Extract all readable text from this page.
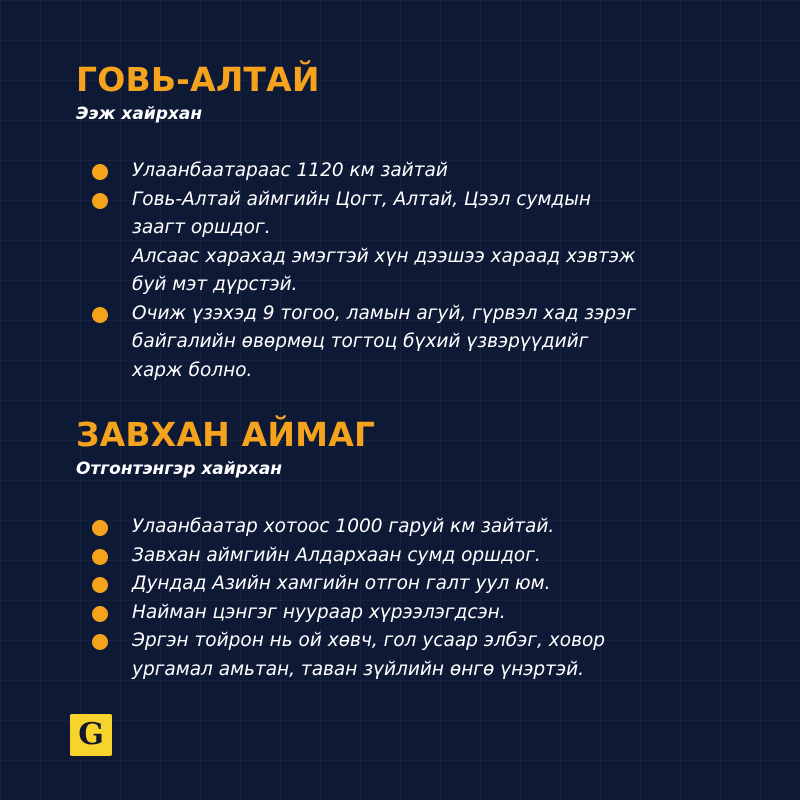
ГОВЬ-АЛТАЙ

Ээж хайрхан

Улаанбаатараас 1120 км зайтай
Говь-Алтай аймгийн Цогт, Алтай, Цээл сумдын
заагт оршдог.
Алсаас харахад эмэгтэй хүн дээшээ хараад хэвтэж
буй мэт дүрстэй.
Очиж үзэхэд 9 тогоо, ламын агуй, гүрвэл хад зэрэг
байгалийн өвөрмөц тогтоц бүхий үзвэрүүдийг
харж болно.
ЗАВХАН АЙМАГ

Отгонтэнгэр хайрхан

Улаанбаатар хотоос 1000 гаруй км зайтай.
Завхан аймгийн Алдархаан сумд оршдог.
Дундад Азийн хамгийн отгон галт уул юм.
Найман цэнгэг нуураар хүрээлэгдсэн.
Эргэн тойрон нь ой хөвч, гол усаар элбэг, ховор
ургамал амьтан, таван зүйлийн өнгө үнэртэй.
G
